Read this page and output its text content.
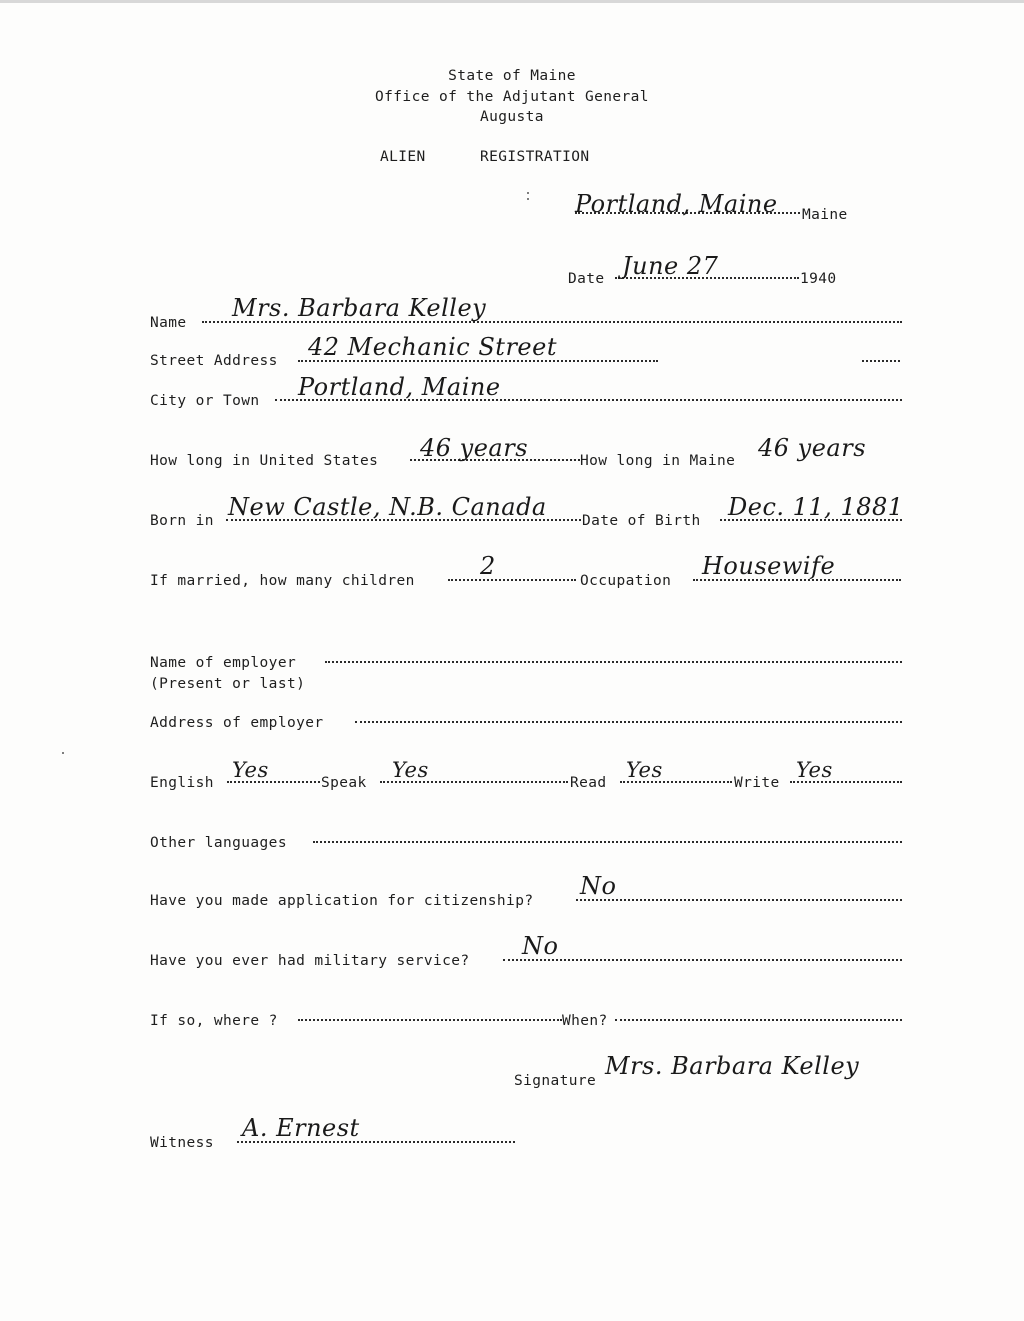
State of Maine
Office of the Adjutant General
Augusta
ALIEN	REGISTRATION
Portland, Maine Maine
Date June 27	1940
Name
Mrs. Barbara Kelley
Street Address 42 Mechanic Street
City or Town Portland, Maine
How long in United States 46 years	How long in Maine 46 years
Born in New Castle, N.B. Canada Date of Birth Dec. 11, 1881
If married, how many children
2
Occupation
Housewife
Name of employer
(Present or last)
Address of employer
English
Yes
Speak
Yes
Read
Yes
Write
Yes
Other languages
Have you made application for citizenship?
No
Have you ever had military service?
No
If so, where ?	When?
Signature
Mrs. Barbara Kelley
Witness
A. Ernest
